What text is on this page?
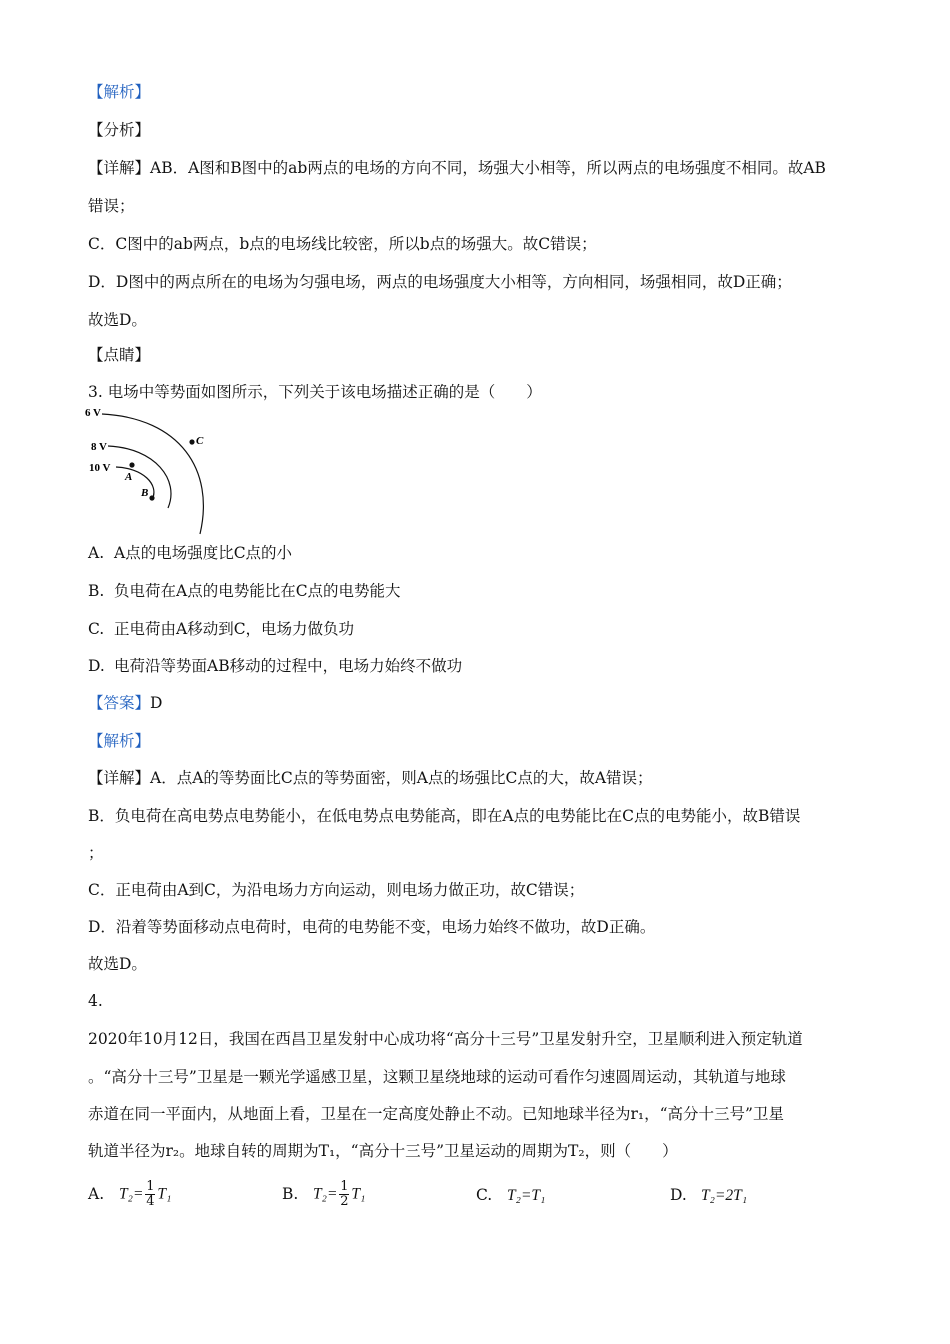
【解析】
【分析】
【详解】AB．A图和B图中的ab两点的电场的方向不同，场强大小相等，所以两点的电场强度不相同。故AB
错误；
C．C图中的ab两点，b点的电场线比较密，所以b点的场强大。故C错误；
D．D图中的两点所在的电场为匀强电场，两点的电场强度大小相等，方向相同，场强相同，故D正确；
故选D。
【点睛】
3. 电场中等势面如图所示，下列关于该电场描述正确的是（　　）
6 V
8 V
10 V
A
B
C
A. A点的电场强度比C点的小
B. 负电荷在A点的电势能比在C点的电势能大
C. 正电荷由A移动到C，电场力做负功
D. 电荷沿等势面AB移动的过程中，电场力始终不做功
【答案】D
【解析】
【详解】A．点A的等势面比C点的等势面密，则A点的场强比C点的大，故A错误；
B．负电荷在高电势点电势能小，在低电势点电势能高，即在A点的电势能比在C点的电势能小，故B错误
；
C．正电荷由A到C，为沿电场力方向运动，则电场力做正功，故C错误；
D．沿着等势面移动点电荷时，电荷的电势能不变，电场力始终不做功，故D正确。
故选D。
4.
2020年10月12日，我国在西昌卫星发射中心成功将“高分十三号”卫星发射升空，卫星顺利进入预定轨道
。“高分十三号”卫星是一颗光学遥感卫星，这颗卫星绕地球的运动可看作匀速圆周运动，其轨道与地球
赤道在同一平面内，从地面上看，卫星在一定高度处静止不动。已知地球半径为r₁，“高分十三号”卫星
轨道半径为r₂。地球自转的周期为T₁，“高分十三号”卫星运动的周期为T₂，则（　　）
A. $T_2= \frac{1}{4} T_1$	B. $T_2= \frac{1}{2} T_1$	C. T₂=T₁	D. T₂=2T₁
